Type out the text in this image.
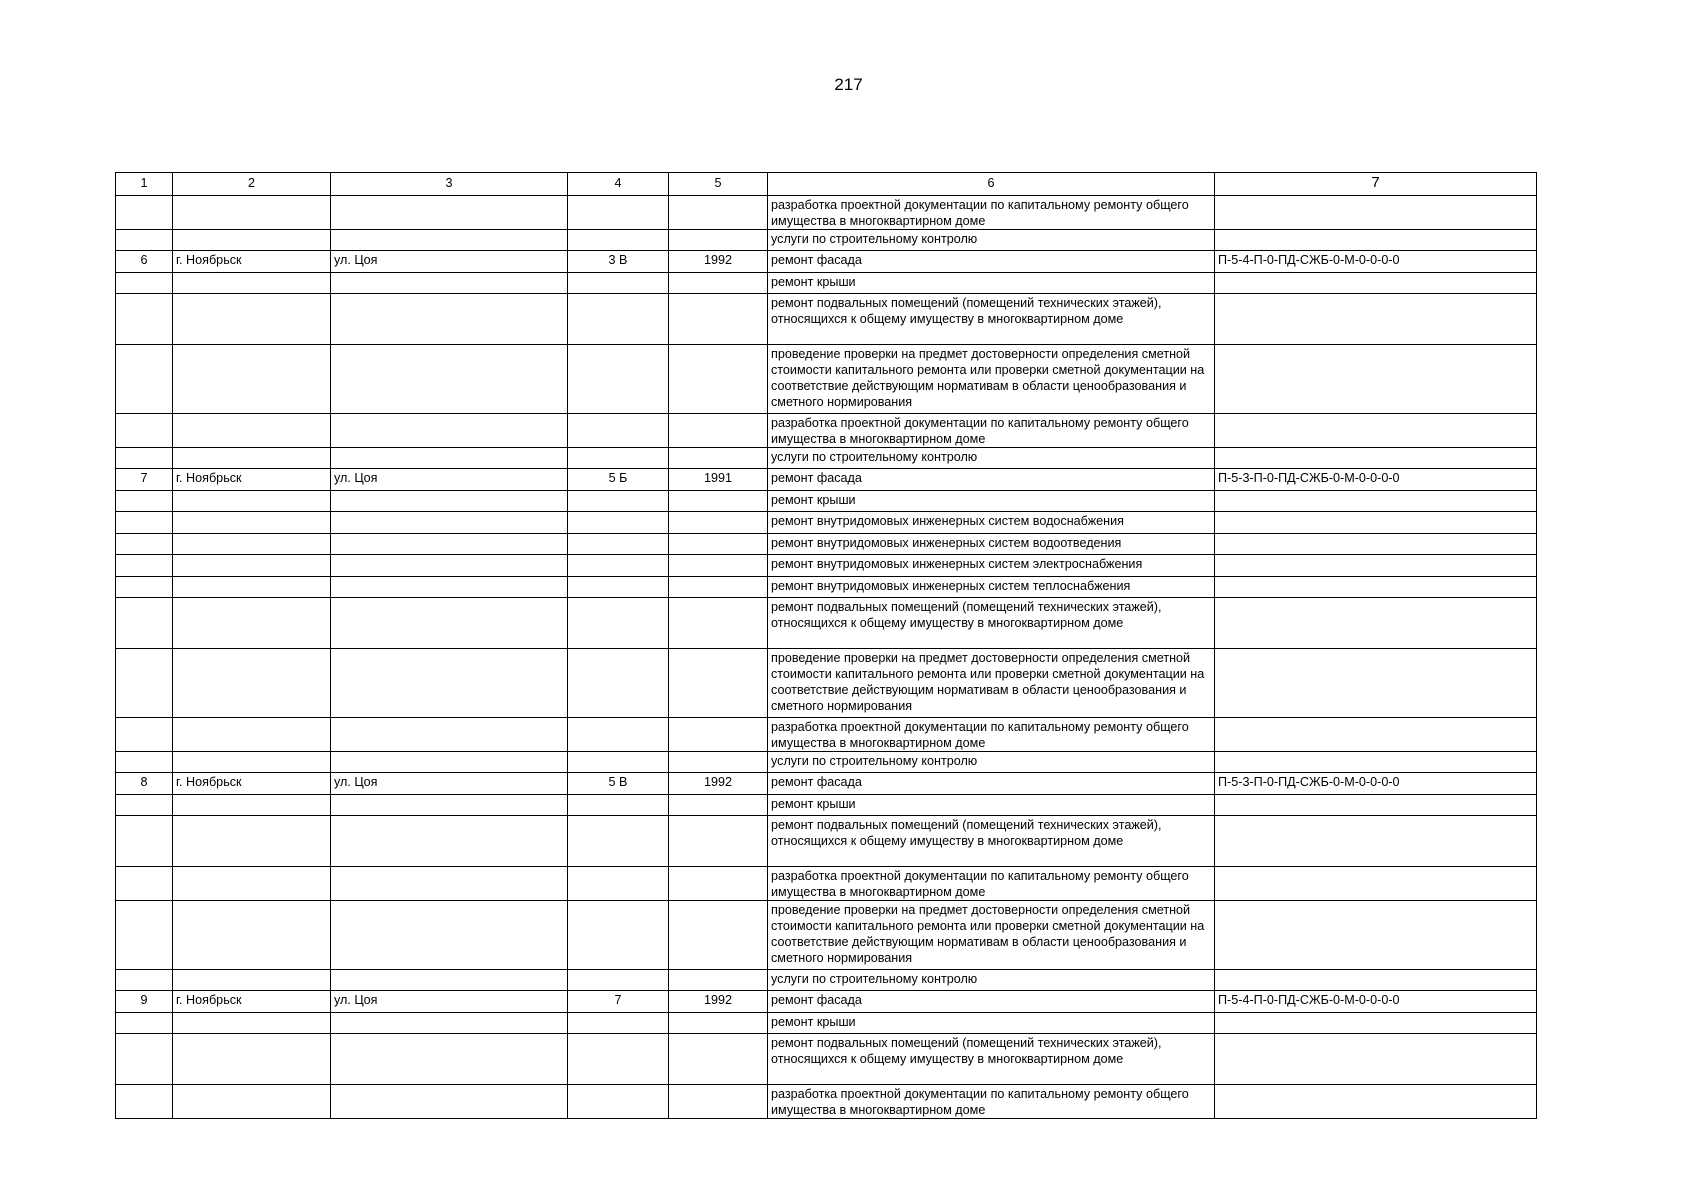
217
1	2	3	4	5	6	7
					разработка проектной документации по капитальному ремонту общего имущества в многоквартирном доме	
					услуги по строительному контролю	
6	г. Ноябрьск	ул. Цоя	3 В	1992	ремонт фасада	П-5-4-П-0-ПД-СЖБ-0-М-0-0-0-0
					ремонт крыши	
					ремонт подвальных помещений (помещений технических этажей), относящихся к общему имуществу в многоквартирном доме	
					проведение проверки на предмет достоверности определения сметной стоимости капитального ремонта или проверки сметной документации на соответствие действующим нормативам в области ценообразования и сметного нормирования	
					разработка проектной документации по капитальному ремонту общего имущества в многоквартирном доме	
					услуги по строительному контролю	
7	г. Ноябрьск	ул. Цоя	5 Б	1991	ремонт фасада	П-5-3-П-0-ПД-СЖБ-0-М-0-0-0-0
					ремонт крыши	
					ремонт внутридомовых инженерных систем водоснабжения	
					ремонт внутридомовых инженерных систем водоотведения	
					ремонт внутридомовых инженерных систем электроснабжения	
					ремонт внутридомовых инженерных систем теплоснабжения	
					ремонт подвальных помещений (помещений технических этажей), относящихся к общему имуществу в многоквартирном доме	
					проведение проверки на предмет достоверности определения сметной стоимости капитального ремонта или проверки сметной документации на соответствие действующим нормативам в области ценообразования и сметного нормирования	
					разработка проектной документации по капитальному ремонту общего имущества в многоквартирном доме	
					услуги по строительному контролю	
8	г. Ноябрьск	ул. Цоя	5 В	1992	ремонт фасада	П-5-3-П-0-ПД-СЖБ-0-М-0-0-0-0
					ремонт крыши	
					ремонт подвальных помещений (помещений технических этажей), относящихся к общему имуществу в многоквартирном доме	
					разработка проектной документации по капитальному ремонту общего имущества в многоквартирном доме	
					проведение проверки на предмет достоверности определения сметной стоимости капитального ремонта или проверки сметной документации на соответствие действующим нормативам в области ценообразования и сметного нормирования	
					услуги по строительному контролю	
9	г. Ноябрьск	ул. Цоя	7	1992	ремонт фасада	П-5-4-П-0-ПД-СЖБ-0-М-0-0-0-0
					ремонт крыши	
					ремонт подвальных помещений (помещений технических этажей), относящихся к общему имуществу в многоквартирном доме	
					разработка проектной документации по капитальному ремонту общего имущества в многоквартирном доме	
